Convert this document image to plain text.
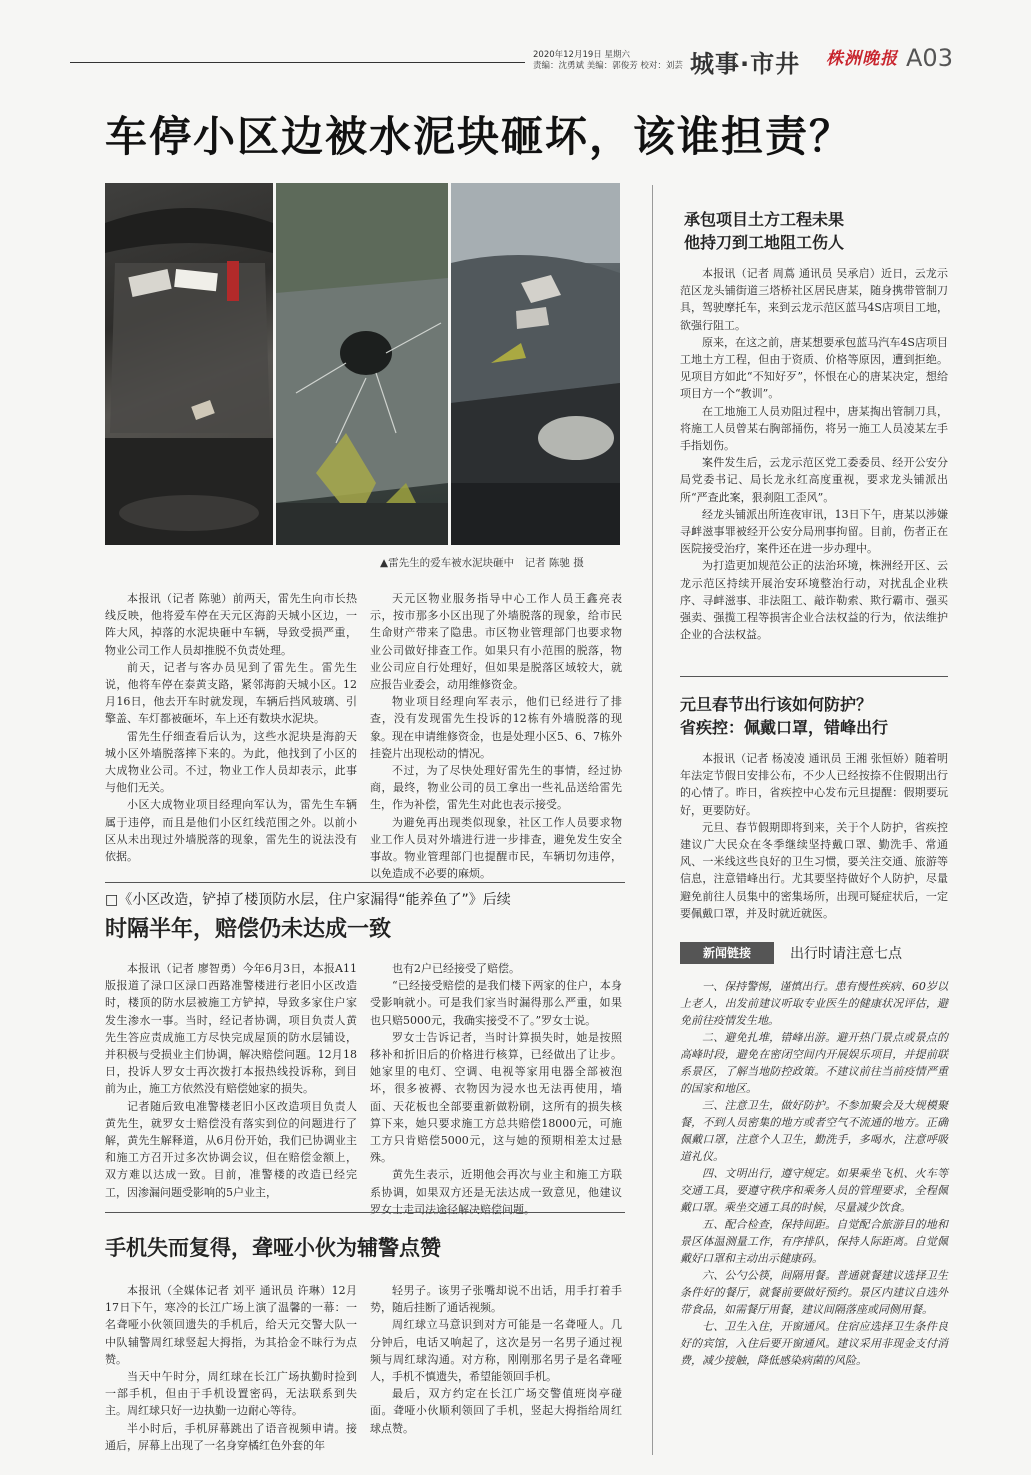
2020年12月19日 星期六
责编：沈勇斌 美编：郭俊芳 校对：刘芸 城事·市井 株洲晚报 A03
车停小区边被水泥块砸坏，该谁担责？
▲雷先生的爱车被水泥块砸中　记者 陈驰 摄

本报讯（记者 陈驰）前两天，雷先生向市长热线反映，他将爱车停在天元区海韵天城小区边，一阵大风，掉落的水泥块砸中车辆，导致受损严重，物业公司工作人员却推脱不负责处理。

前天，记者与客办员见到了雷先生。雷先生说，他将车停在泰黄支路，紧邻海韵天城小区。12月16日，他去开车时就发现，车辆后挡风玻璃、引擎盖、车灯都被砸坏，车上还有数块水泥块。

雷先生仔细查看后认为，这些水泥块是海韵天城小区外墙脱落摔下来的。为此，他找到了小区的大成物业公司。不过，物业工作人员却表示，此事与他们无关。

小区大成物业项目经理向军认为，雷先生车辆属于违停，而且是他们小区红线范围之外。以前小区从未出现过外墙脱落的现象，雷先生的说法没有依据。

天元区物业服务指导中心工作人员王鑫亮表示，按市那多小区出现了外墙脱落的现象，给市民生命财产带来了隐患。市区物业管理部门也要求物业公司做好排查工作。如果只有小范围的脱落，物业公司应自行处理好，但如果是脱落区域较大，就应报告业委会，动用维修资金。

物业项目经理向军表示，他们已经进行了排查，没有发现雷先生投诉的12栋有外墙脱落的现象。现在申请维修资金，也是处理小区5、6、7栋外挂瓷片出现松动的情况。

不过，为了尽快处理好雷先生的事情，经过协商，最终，物业公司的员工拿出一些礼品送给雷先生，作为补偿，雷先生对此也表示接受。

为避免再出现类似现象，社区工作人员要求物业工作人员对外墙进行进一步排查，避免发生安全事故。物业管理部门也提醒市民，车辆切勿违停，以免造成不必要的麻烦。

□《小区改造，铲掉了楼顶防水层，住户家漏得“能养鱼了”》后续
时隔半年，赔偿仍未达成一致

本报讯（记者 廖智勇）今年6月3日，本报A11版报道了渌口区渌口西路准警楼进行老旧小区改造时，楼顶的防水层被施工方铲掉，导致多家住户家发生渗水一事。当时，经记者协调，项目负责人黄先生答应责成施工方尽快完成屋顶的防水层铺设，并积极与受损业主们协调，解决赔偿问题。12月18日，投诉人罗女士再次拨打本报热线投诉称，到目前为止，施工方依然没有赔偿她家的损失。

记者随后致电准警楼老旧小区改造项目负责人黄先生，就罗女士赔偿没有落实到位的问题进行了解，黄先生解释道，从6月份开始，我们已协调业主和施工方召开过多次协调会议，但在赔偿金额上，双方难以达成一致。目前，准警楼的改造已经完工，因渗漏问题受影响的5户业主，

也有2户已经接受了赔偿。

“已经接受赔偿的是我们楼下两家的住户，本身受影响就小。可是我们家当时漏得那么严重，如果也只赔5000元，我确实接受不了。”罗女士说。

罗女士告诉记者，当时计算损失时，她是按照移补和折旧后的价格进行核算，已经做出了让步。她家里的电灯、空调、电视等家用电器全部被泡坏，很多被褥、衣物因为浸水也无法再使用，墙面、天花板也全部要重新做粉刷，这所有的损失核算下来，她只要求施工方总共赔偿18000元，可施工方只肯赔偿5000元，这与她的预期相差太过悬殊。

黄先生表示，近期他会再次与业主和施工方联系协调，如果双方还是无法达成一致意见，他建议罗女士走司法途径解决赔偿问题。

手机失而复得，聋哑小伙为辅警点赞

本报讯（全媒体记者 刘平 通讯员 许琳）12月17日下午，寒冷的长江广场上演了温馨的一幕：一名聋哑小伙领回遗失的手机后，给天元交警大队一中队辅警周红球竖起大拇指，为其拾金不昧行为点赞。

当天中午时分，周红球在长江广场执勤时捡到一部手机，但由于手机设置密码，无法联系到失主。周红球只好一边执勤一边耐心等待。

半小时后，手机屏幕跳出了语音视频申请。接通后，屏幕上出现了一名身穿橘红色外套的年

轻男子。该男子张嘴却说不出话，用手打着手势，随后挂断了通话视频。

周红球立马意识到对方可能是一名聋哑人。几分钟后，电话又响起了，这次是另一名男子通过视频与周红球沟通。对方称，刚刚那名男子是名聋哑人，手机不慎遗失，希望能领回手机。

最后，双方约定在长江广场交警值班岗亭碰面。聋哑小伙顺利领回了手机，竖起大拇指给周红球点赞。

承包项目土方工程未果
他持刀到工地阻工伤人

本报讯（记者 周蔦 通讯员 吴承启）近日，云龙示范区龙头铺街道三塔桥社区居民唐某，随身携带管制刀具，驾驶摩托车，来到云龙示范区蓝马4S店项目工地，欲强行阻工。

原来，在这之前，唐某想要承包蓝马汽车4S店项目工地土方工程，但由于资质、价格等原因，遭到拒绝。见项目方如此“不知好歹”，怀恨在心的唐某决定，想给项目方一个“教训”。

在工地施工人员劝阻过程中，唐某掏出管制刀具，将施工人员曾某右胸部捅伤，将另一施工人员凌某左手手指划伤。

案件发生后，云龙示范区党工委委员、经开公安分局党委书记、局长龙永红高度重视，要求龙头铺派出所“严查此案，狠刹阻工歪风”。

经龙头铺派出所连夜审讯，13日下午，唐某以涉嫌寻衅滋事罪被经开公安分局刑事拘留。目前，伤者正在医院接受治疗，案件还在进一步办理中。

为打造更加规范公正的法治环境，株洲经开区、云龙示范区持续开展治安环境整治行动，对扰乱企业秩序、寻衅滋事、非法阻工、敲诈勒索、欺行霸市、强买强卖、强揽工程等损害企业合法权益的行为，依法维护企业的合法权益。

元旦春节出行该如何防护？
省疾控：佩戴口罩，错峰出行

本报讯（记者 杨凌凌 通讯员 王湘 张恒娇）随着明年法定节假日安排公布，不少人已经按捺不住假期出行的心情了。昨日，省疾控中心发布元旦提醒：假期要玩好，更要防好。

元旦、春节假期即将到来，关于个人防护，省疾控建议广大民众在冬季继续坚持戴口罩、勤洗手、常通风、一米线这些良好的卫生习惯，要关注交通、旅游等信息，注意错峰出行。尤其要坚持做好个人防护，尽量避免前往人员集中的密集场所，出现可疑症状后，一定要佩戴口罩，并及时就近就医。

新闻链接	出行时请注意七点

一、保持警惕，谨慎出行。患有慢性疾病、60岁以上老人，出发前建议听取专业医生的健康状况评估，避免前往疫情发生地。

二、避免扎堆，错峰出游。避开热门景点或景点的高峰时段，避免在密闭空间内开展娱乐项目，并提前联系景区，了解当地防控政策。不建议前往当前疫情严重的国家和地区。

三、注意卫生，做好防护。不参加聚会及大规模聚餐，不到人员密集的地方或者空气不流通的地方。正确佩戴口罩，注意个人卫生，勤洗手，多喝水，注意呼吸道礼仪。

四、文明出行，遵守规定。如果乘坐飞机、火车等交通工具，要遵守秩序和乘务人员的管理要求，全程佩戴口罩。乘坐交通工具的时候，尽量减少饮食。

五、配合检查，保持间距。自觉配合旅游目的地和景区体温测量工作，有序排队，保持人际距离。自觉佩戴好口罩和主动出示健康码。

六、公勺公筷，间隔用餐。普通就餐建议选择卫生条件好的餐厅，就餐前要做好预约。景区内建议自选外带食品，如需餐厅用餐，建议间隔落座或同侧用餐。

七、卫生入住，开窗通风。住宿应选择卫生条件良好的宾馆，入住后要开窗通风。建议采用非现金支付消费，减少接触，降低感染病菌的风险。
